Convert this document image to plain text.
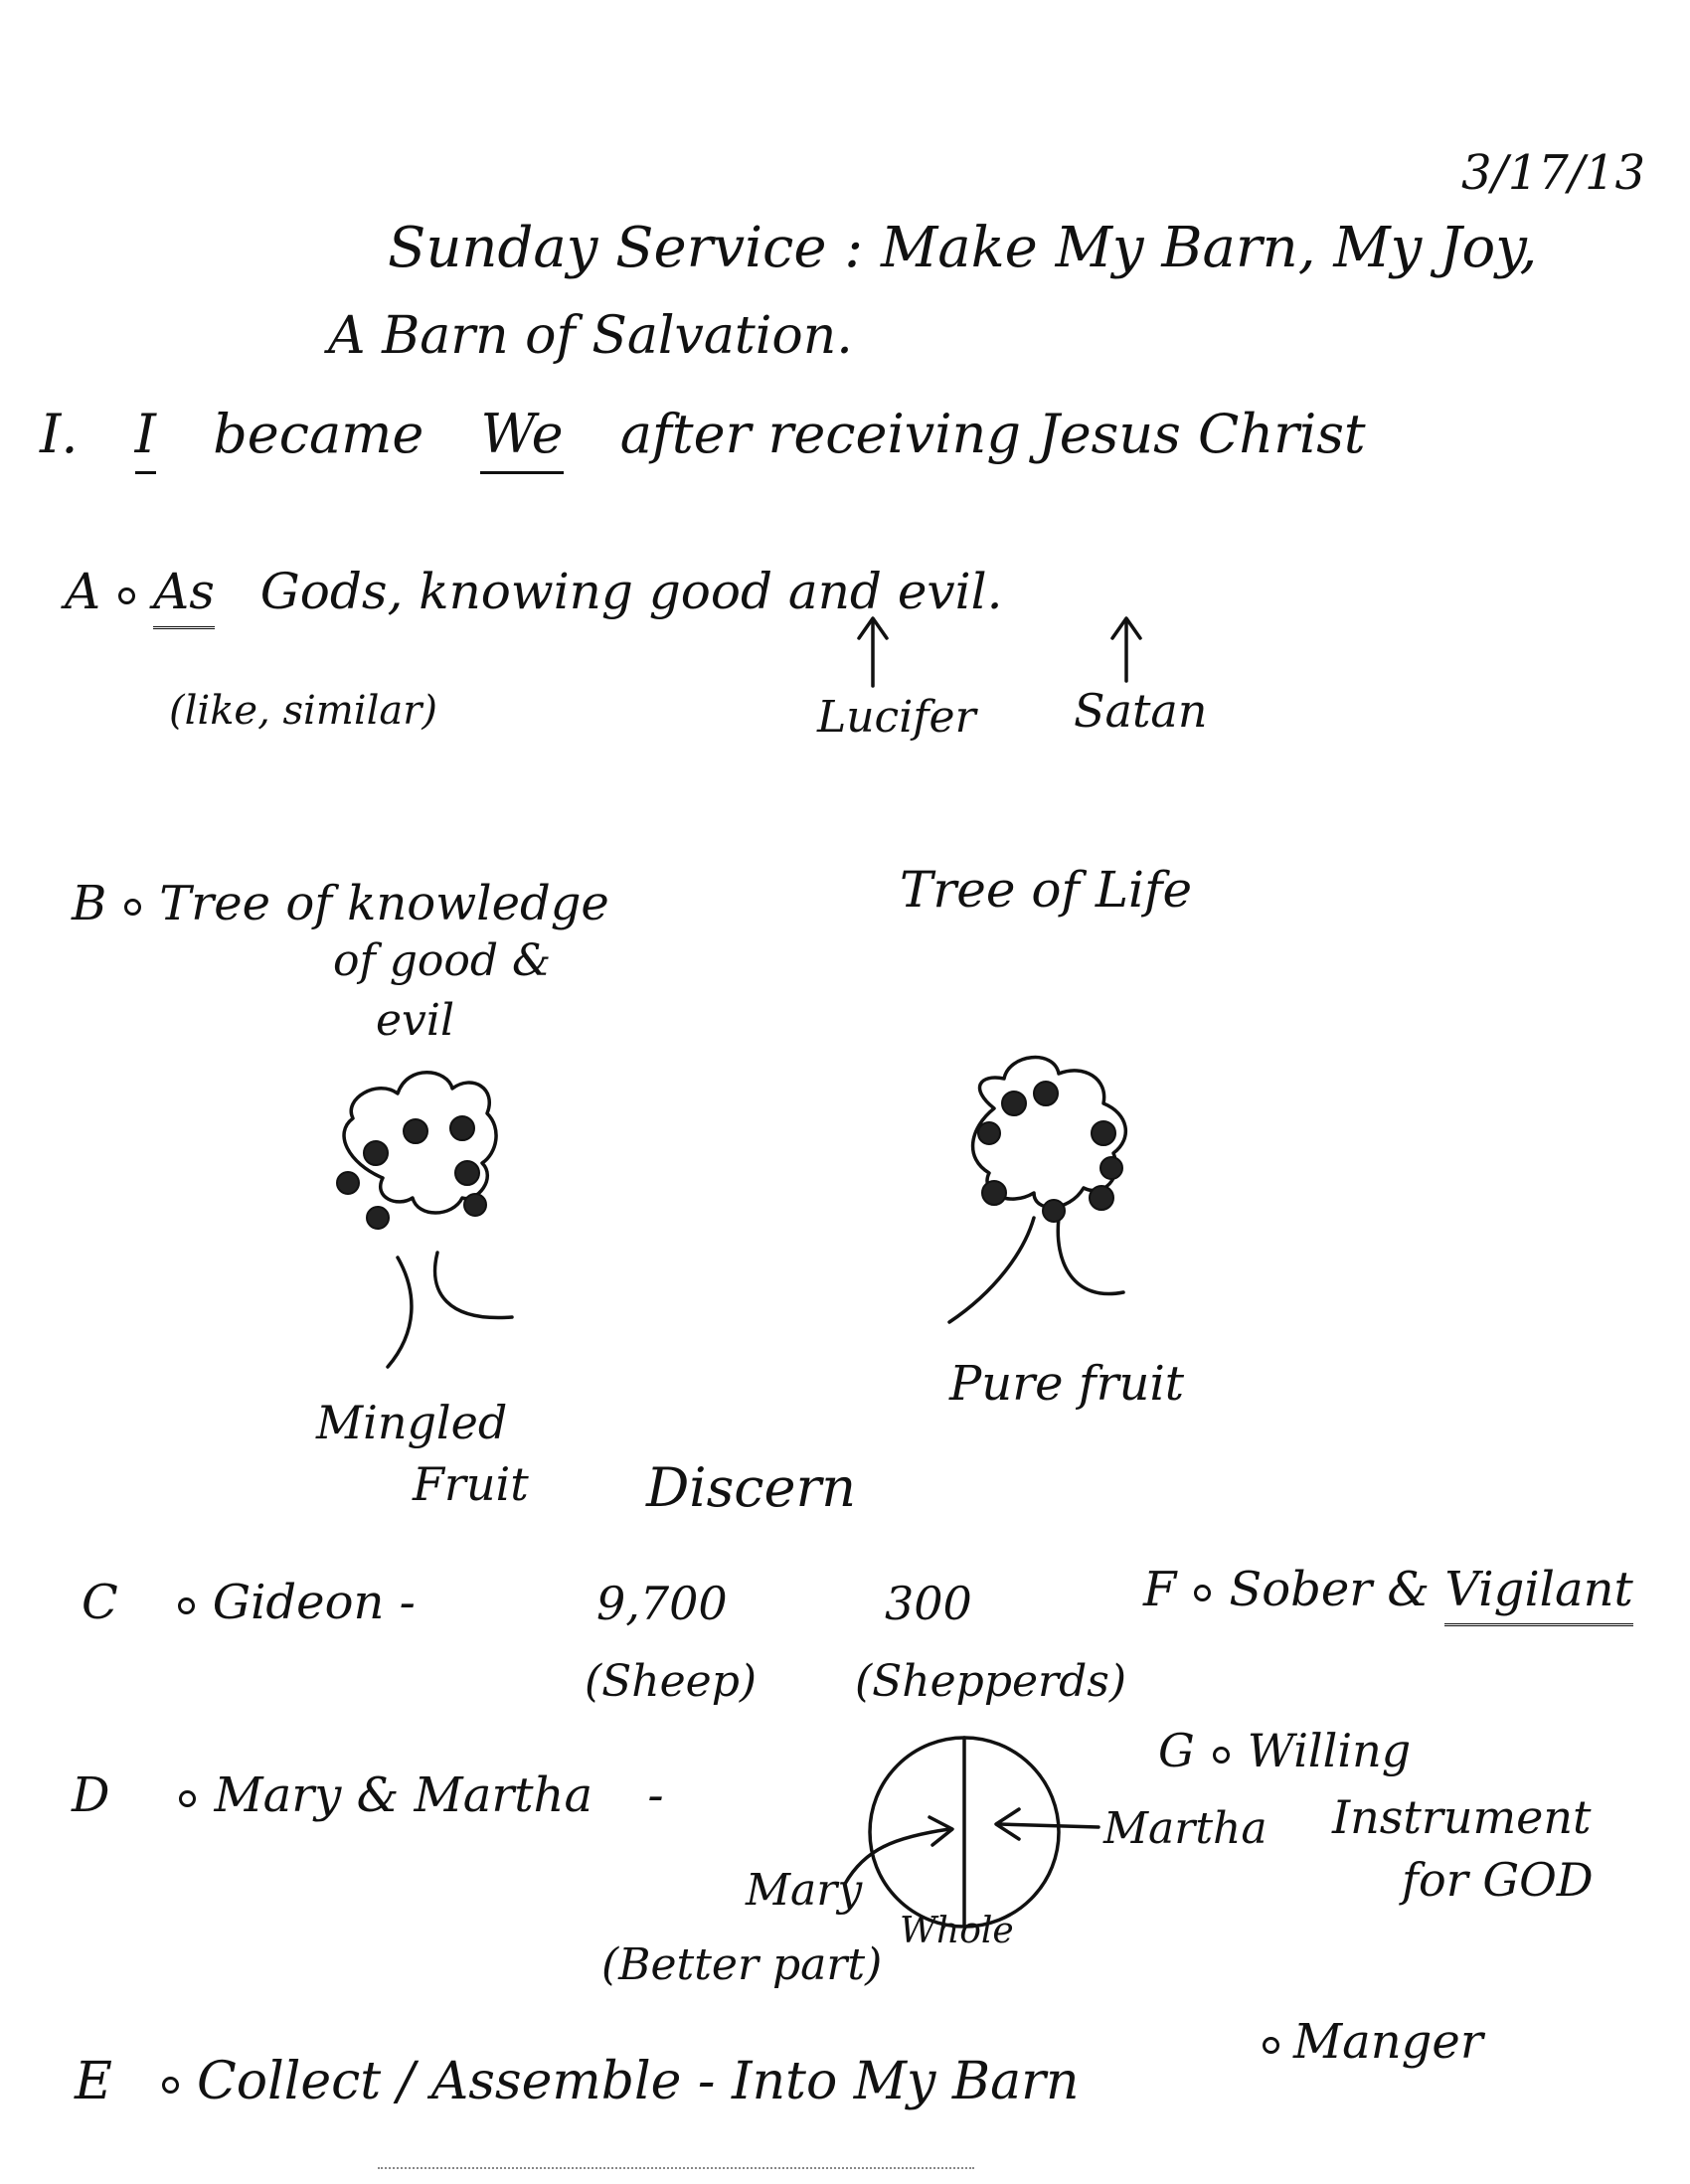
3/17/13
Sunday Service : Make My Barn, My Joy,
A Barn of Salvation.
I. I became We after receiving Jesus Christ
A As Gods, knowing good and evil.
(like, similar)	Lucifer Satan
B Tree of knowledge
of good &
evil
Tree of Life
Mingled
Fruit
Pure fruit
Discern
C Gideon -	9,700	300
(Sheep) (Shepperds)
F Sober & Vigilant
G Willing
Instrument
for GOD
D Mary & Martha -
Martha
Mary
(Better part)
Whole
E Collect / Assemble - Into My Barn
Manger
